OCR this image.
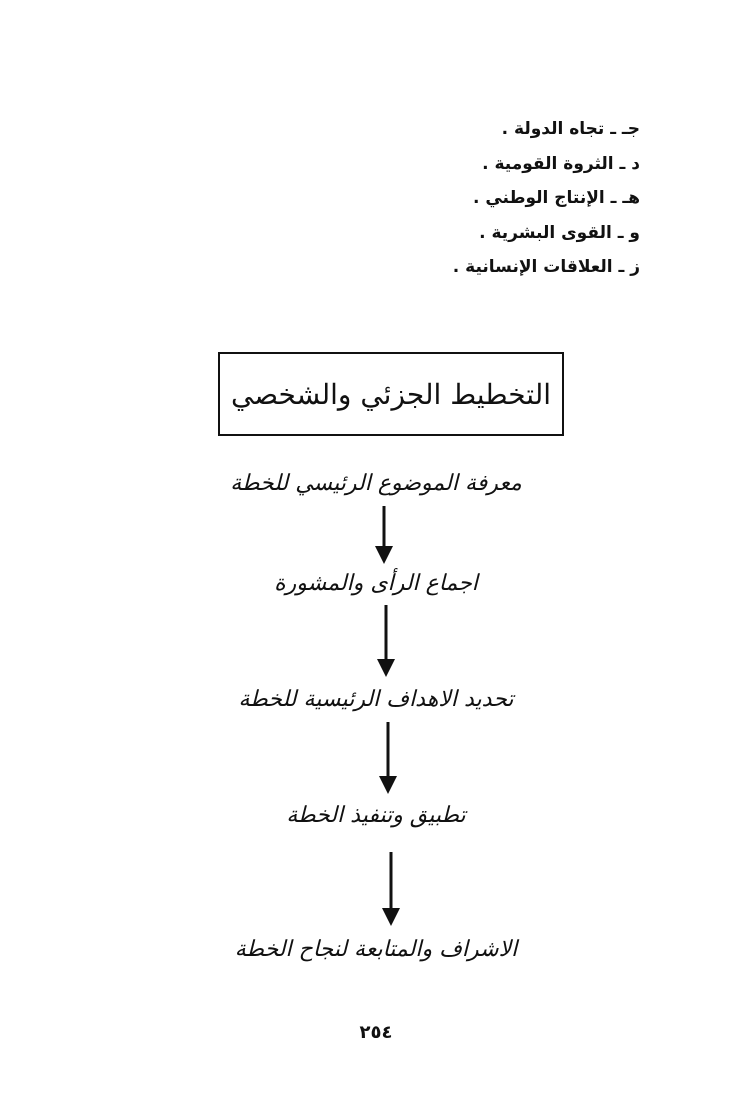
جـ ـ تجاه الدولة .
د ـ الثروة القومية .
هـ ـ الإنتاج الوطني .
و ـ القوى البشرية .
ز ـ العلاقات الإنسانية .
التخطيط الجزئي والشخصي
معرفة الموضوع الرئيسي للخطة
اجماع الرأى والمشورة
تحديد الاهداف الرئيسية للخطة
تطبيق وتنفيذ الخطة
الاشراف والمتابعة لنجاح الخطة
٢٥٤
